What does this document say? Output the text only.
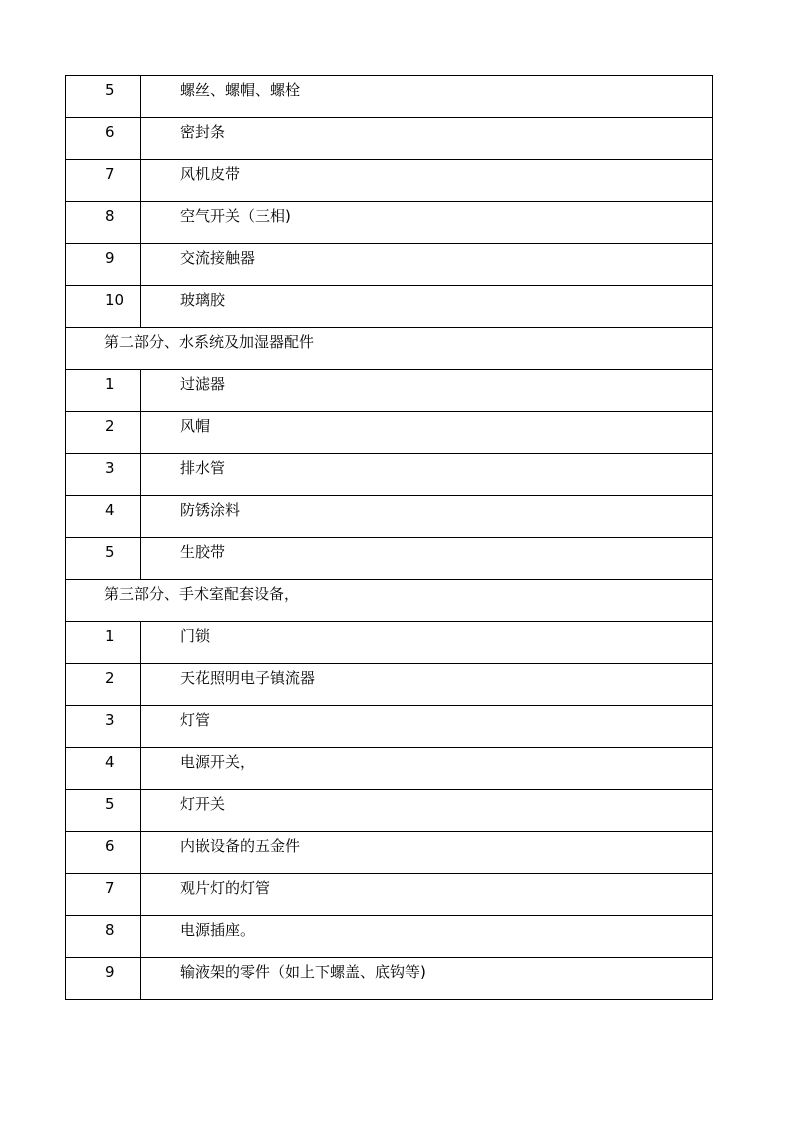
5	螺丝、螺帽、螺栓

6	密封条

7	风机皮带

8	空气开关（三相)

9	交流接触器

10	玻璃胶

第二部分、水系统及加湿器配件	

1	过滤器

2	风帽

3	排水管

4	防锈涂料

5	生胶带

第三部分、手术室配套设备，	

1	门锁

2	天花照明电子镇流器

3	灯管

4	电源开关，

5	灯开关

6	内嵌设备的五金件

7	观片灯的灯管

8	电源插座。

9	输液架的零件（如上下螺盖、底钩等)
